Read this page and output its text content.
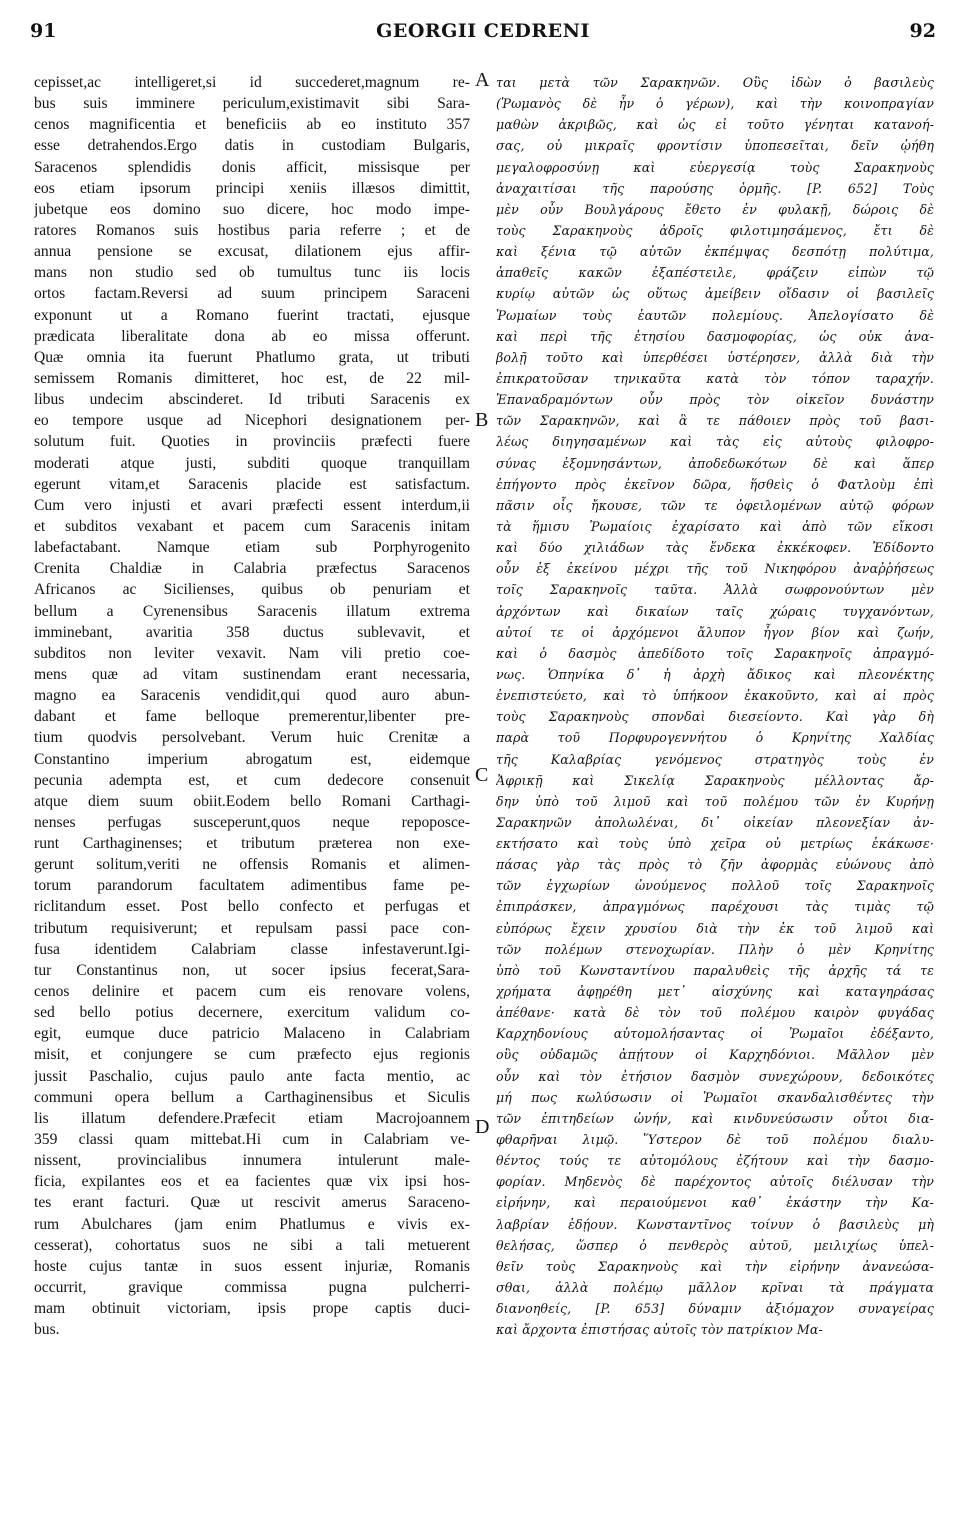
91	GEORGII CEDRENI	92
cepisset,ac intelligeret,si id succederet,magnum re-
bus suis imminere periculum,existimavit sibi Sara-
cenos magnificentia et beneficiis ab eo instituto 357
esse detrahendos.Ergo datis in custodiam Bulgaris,
Saracenos splendidis donis afficit, missisque per
eos etiam ipsorum principi xeniis illæsos dimittit,
jubetque eos domino suo dicere, hoc modo impe-
ratores Romanos suis hostibus paria referre ; et de
annua pensione se excusat, dilationem ejus affir-
mans non studio sed ob tumultus tunc iis locis
ortos factam.Reversi ad suum principem Saraceni
exponunt ut a Romano fuerint tractati, ejusque
prædicata liberalitate dona ab eo missa offerunt.
Quæ omnia ita fuerunt Phatlumo grata, ut tributi
semissem Romanis dimitteret, hoc est, de 22 mil-
libus undecim abscinderet. Id tributi Saracenis ex
eo tempore usque ad Nicephori designationem per-
solutum fuit. Quoties in provinciis præfecti fuere
moderati atque justi, subditi quoque tranquillam
egerunt vitam,et Saracenis placide est satisfactum.
Cum vero injusti et avari præfecti essent interdum,ii
et subditos vexabant et pacem cum Saracenis initam
labefactabant. Namque etiam sub Porphyrogenito
Crenita Chaldiæ in Calabria præfectus Saracenos
Africanos ac Sicilienses, quibus ob penuriam et
bellum a Cyrenensibus Saracenis illatum extrema
imminebant, avaritia 358 ductus sublevavit, et
subditos non leviter vexavit. Nam vili pretio coe-
mens quæ ad vitam sustinendam erant necessaria,
magno ea Saracenis vendidit,qui quod auro abun-
dabant et fame belloque premerentur,libenter pre-
tium quodvis persolvebant. Verum huic Crenitæ a
Constantino imperium abrogatum est, eidemque
pecunia adempta est, et cum dedecore consenuit
atque diem suum obiit.Eodem bello Romani Carthagi-
nenses perfugas susceperunt,quos neque repoposce-
runt Carthaginenses; et tributum præterea non exe-
gerunt solitum,veriti ne offensis Romanis et alimen-
torum parandorum facultatem adimentibus fame pe-
riclitandum esset. Post bello confecto et perfugas et
tributum requisiverunt; et repulsam passi pace con-
fusa identidem Calabriam classe infestaverunt.Igi-
tur Constantinus non, ut socer ipsius fecerat,Sara-
cenos delinire et pacem cum eis renovare volens,
sed bello potius decernere, exercitum validum co-
egit, eumque duce patricio Malaceno in Calabriam
misit, et conjungere se cum præfecto ejus regionis
jussit Paschalio, cujus paulo ante facta mentio, ac
communi opera bellum a Carthaginensibus et Siculis
lis illatum defendere.Præfecit etiam Macrojoannem
359 classi quam mittebat.Hi cum in Calabriam ve-
nissent, provincialibus innumera intulerunt male-
ficia, expilantes eos et ea facientes quæ vix ipsi hos-
tes erant facturi. Quæ ut rescivit amerus Saraceno-
rum Abulchares (jam enim Phatlumus e vivis ex-
cesserat), cohortatus suos ne sibi a tali metuerent
hoste cujus tantæ in suos essent injuriæ, Romanis
occurrit, gravique commissa pugna pulcherri-
mam obtinuit victoriam, ipsis prope captis duci-
bus.
A
B
C
D
ται μετὰ τῶν Σαρακηνῶν. Οὓς ἰδὼν ὁ βασιλεὺς
(Ῥωμανὸς δὲ ἦν ὁ γέρων), καὶ τὴν κοινοπραγίαν
μαθὼν ἀκριβῶς, καὶ ὡς εἰ τοῦτο γένηται κατανοή-
σας, οὐ μικραῖς φροντίσιν ὑποπεσεῖται, δεῖν ᾠήθη
μεγαλοφροσύνῃ καὶ εὐεργεσίᾳ τοὺς Σαρακηνοὺς
ἀναχαιτίσαι τῆς παρούσης ὁρμῆς. [P. 652] Τοὺς
μὲν οὖν Βουλγάρους ἔθετο ἐν φυλακῇ, δώροις δὲ
τοὺς Σαρακηνοὺς ἀδροῖς φιλοτιμησάμενος, ἔτι δὲ
καὶ ξένια τῷ αὐτῶν ἐκπέμψας δεσπότῃ πολύτιμα,
ἀπαθεῖς κακῶν ἐξαπέστειλε, φράζειν εἰπὼν τῷ
κυρίῳ αὐτῶν ὡς οὕτως ἀμείβειν οἴδασιν οἱ βασιλεῖς
Ῥωμαίων τοὺς ἑαυτῶν πολεμίους. Ἀπελογίσατο δὲ
καὶ περὶ τῆς ἐτησίου δασμοφορίας, ὡς οὐκ ἀνα-
βολῇ τοῦτο καὶ ὑπερθέσει ὑστέρησεν, ἀλλὰ διὰ τὴν
ἐπικρατοῦσαν τηνικαῦτα κατὰ τὸν τόπον ταραχήν.
Ἐπαναδραμόντων οὖν πρὸς τὸν οἰκεῖον δυνάστην
τῶν Σαρακηνῶν, καὶ ἃ τε πάθοιεν πρὸς τοῦ βασι-
λέως διηγησαμένων καὶ τὰς εἰς αὐτοὺς φιλοφρο-
σύνας ἐξομνησάντων, ἀποδεδωκότων δὲ καὶ ἅπερ
ἐπήγοντο πρὸς ἐκεῖνον δῶρα, ἥσθεὶς ὁ Φατλοὺμ ἐπὶ
πᾶσιν οἷς ἤκουσε, τῶν τε ὀφειλομένων αὐτῷ φόρων
τὰ ἥμισυ Ῥωμαίοις ἐχαρίσατο καὶ ἀπὸ τῶν εἴκοσι
καὶ δύο χιλιάδων τὰς ἕνδεκα ἐκκέκοφεν. Ἐδίδοντο
οὖν ἐξ ἐκείνου μέχρι τῆς τοῦ Νικηφόρου ἀναῤῥήσεως
τοῖς Σαρακηνοῖς ταῦτα. Ἀλλὰ σωφρονούντων μὲν
ἀρχόντων καὶ δικαίων ταῖς χώραις τυγχανόντων,
αὐτοί τε οἱ ἀρχόμενοι ἄλυπον ἦγον βίον καὶ ζωήν,
καὶ ὁ δασμὸς ἀπεδίδοτο τοῖς Σαρακηνοῖς ἀπραγμό-
νως. Ὁπηνίκα δ᾽ ἡ ἀρχὴ ἄδικος καὶ πλεονέκτης
ἐνεπιστεύετο, καὶ τὸ ὑπήκοον ἐκακοῦντο, καὶ αἱ πρὸς
τοὺς Σαρακηνοὺς σπονδαὶ διεσείοντο. Καὶ γὰρ δὴ
παρὰ τοῦ Πορφυρογεννήτου ὁ Κρηνίτης Χαλδίας
τῆς Καλαβρίας γενόμενος στρατηγὸς τοὺς ἐν
Ἀφρικῇ καὶ Σικελίᾳ Σαρακηνοὺς μέλλοντας ἄρ-
δην ὑπὸ τοῦ λιμοῦ καὶ τοῦ πολέμου τῶν ἐν Κυρήνῃ
Σαρακηνῶν ἀπολωλέναι, δι᾽ οἰκείαν πλεονεξίαν ἀν-
εκτήσατο καὶ τοὺς ὑπὸ χεῖρα οὐ μετρίως ἐκάκωσε·
πάσας γὰρ τὰς πρὸς τὸ ζῆν ἀφορμὰς εὐώνους ἀπὸ
τῶν ἐγχωρίων ὠνούμενος πολλοῦ τοῖς Σαρακηνοῖς
ἐπιπράσκεν, ἀπραγμόνως παρέχουσι τὰς τιμὰς τῷ
εὐπόρως ἔχειν χρυσίου διὰ τὴν ἐκ τοῦ λιμοῦ καὶ
τῶν πολέμων στενοχωρίαν. Πλὴν ὁ μὲν Κρηνίτης
ὑπὸ τοῦ Κωνσταντίνου παραλυθεὶς τῆς ἀρχῆς τά τε
χρήματα ἀφῃρέθη μετ᾽ αἰσχύνης καὶ καταγηράσας
ἀπέθανε· κατὰ δὲ τὸν τοῦ πολέμου καιρὸν φυγάδας
Καρχηδονίους αὐτομολήσαντας οἱ Ῥωμαῖοι ἐδέξαντο,
οὓς οὐδαμῶς ἀπῄτουν οἱ Καρχηδόνιοι. Μᾶλλον μὲν
οὖν καὶ τὸν ἐτήσιον δασμὸν συνεχώρουν, δεδοικότες
μή πως κωλύσωσιν οἱ Ῥωμαῖοι σκανδαλισθέντες τὴν
τῶν ἐπιτηδείων ὠνήν, καὶ κινδυνεύσωσιν οὗτοι δια-
φθαρῆναι λιμῷ. Ὕστερον δὲ τοῦ πολέμου διαλυ-
θέντος τούς τε αὐτομόλους ἐζήτουν καὶ τὴν δασμο-
φορίαν. Μηδενὸς δὲ παρέχοντος αὐτοῖς διέλυσαν τὴν
εἰρήνην, καὶ περαιούμενοι καθ᾽ ἑκάστην τὴν Κα-
λαβρίαν ἐδῄουν. Κωνσταντῖνος τοίνυν ὁ βασιλεὺς μὴ
θελήσας, ὥσπερ ὁ πενθερὸς αὐτοῦ, μειλιχίως ὑπελ-
θεῖν τοὺς Σαρακηνοὺς καὶ τὴν εἰρήνην ἀνανεώσα-
σθαι, ἀλλὰ πολέμῳ μᾶλλον κρῖναι τὰ πράγματα
διανοηθείς, [P. 653] δύναμιν ἀξιόμαχον συναγείρας
καὶ ἄρχοντα ἐπιστήσας αὐτοῖς τὸν πατρίκιον Μα-
